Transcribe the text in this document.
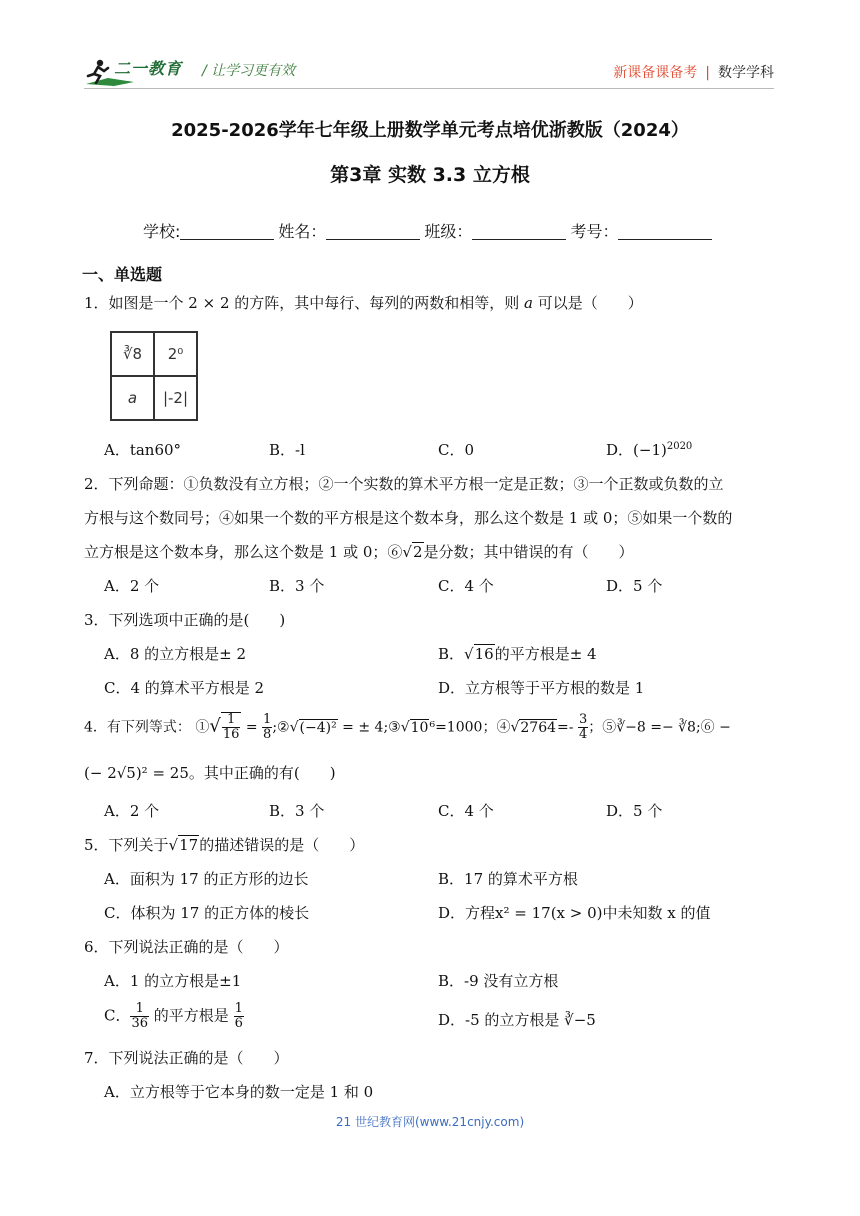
二一教育 / 让学习更有效	新课备课备考 | 数学学科
2025-2026学年七年级上册数学单元考点培优浙教版（2024）
第3章 实数 3.3 立方根
学校:	姓名：	班级：	考号：
一、单选题
1．如图是一个 2 × 2 的方阵，其中每行、每列的两数和相等，则 a 可以是（　　）
∛8	2⁰
a	|-2|
A．tan60°	B．-l	C．0	D．$(-1)^{2020}$
2．下列命题：①负数没有立方根；②一个实数的算术平方根一定是正数；③一个正数或负数的立
方根与这个数同号；④如果一个数的平方根是这个数本身，那么这个数是 1 或 0；⑤如果一个数的
立方根是这个数本身，那么这个数是 1 或 0；⑥√2是分数；其中错误的有（　　）
A．2 个	B．3 个	C．4 个	D．5 个
3．下列选项中正确的是(　　)
A．8 的立方根是± 2	B．√16的平方根是± 4
C．4 的算术平方根是 2	D．立方根等于平方根的数是 1
4．有下列等式： ①√ $\frac{1}{16} = \frac{1}{8}$ ;②√(−4)² = ± 4;③√10⁶=1000；④√2764=- $\frac{3}{4}$ ；⑤∛−8 =− ∛8;⑥ −
(− 2√5)² = 25。其中正确的有(　　)
A．2 个	B．3 个	C．4 个	D．5 个
5．下列关于√17的描述错误的是（　　）
A．面积为 17 的正方形的边长	B．17 的算术平方根
C．体积为 17 的正方体的棱长	D．方程x² = 17(x > 0)中未知数 x 的值
6．下列说法正确的是（　　）
A．1 的立方根是±1	B．-9 没有立方根
C． $\frac{1}{36}$ 的平方根是 $\frac{1}{6}$	D．-5 的立方根是 ∛−5
7．下列说法正确的是（　　）
A．立方根等于它本身的数一定是 1 和 0
21 世纪教育网(www.21cnjy.com)
